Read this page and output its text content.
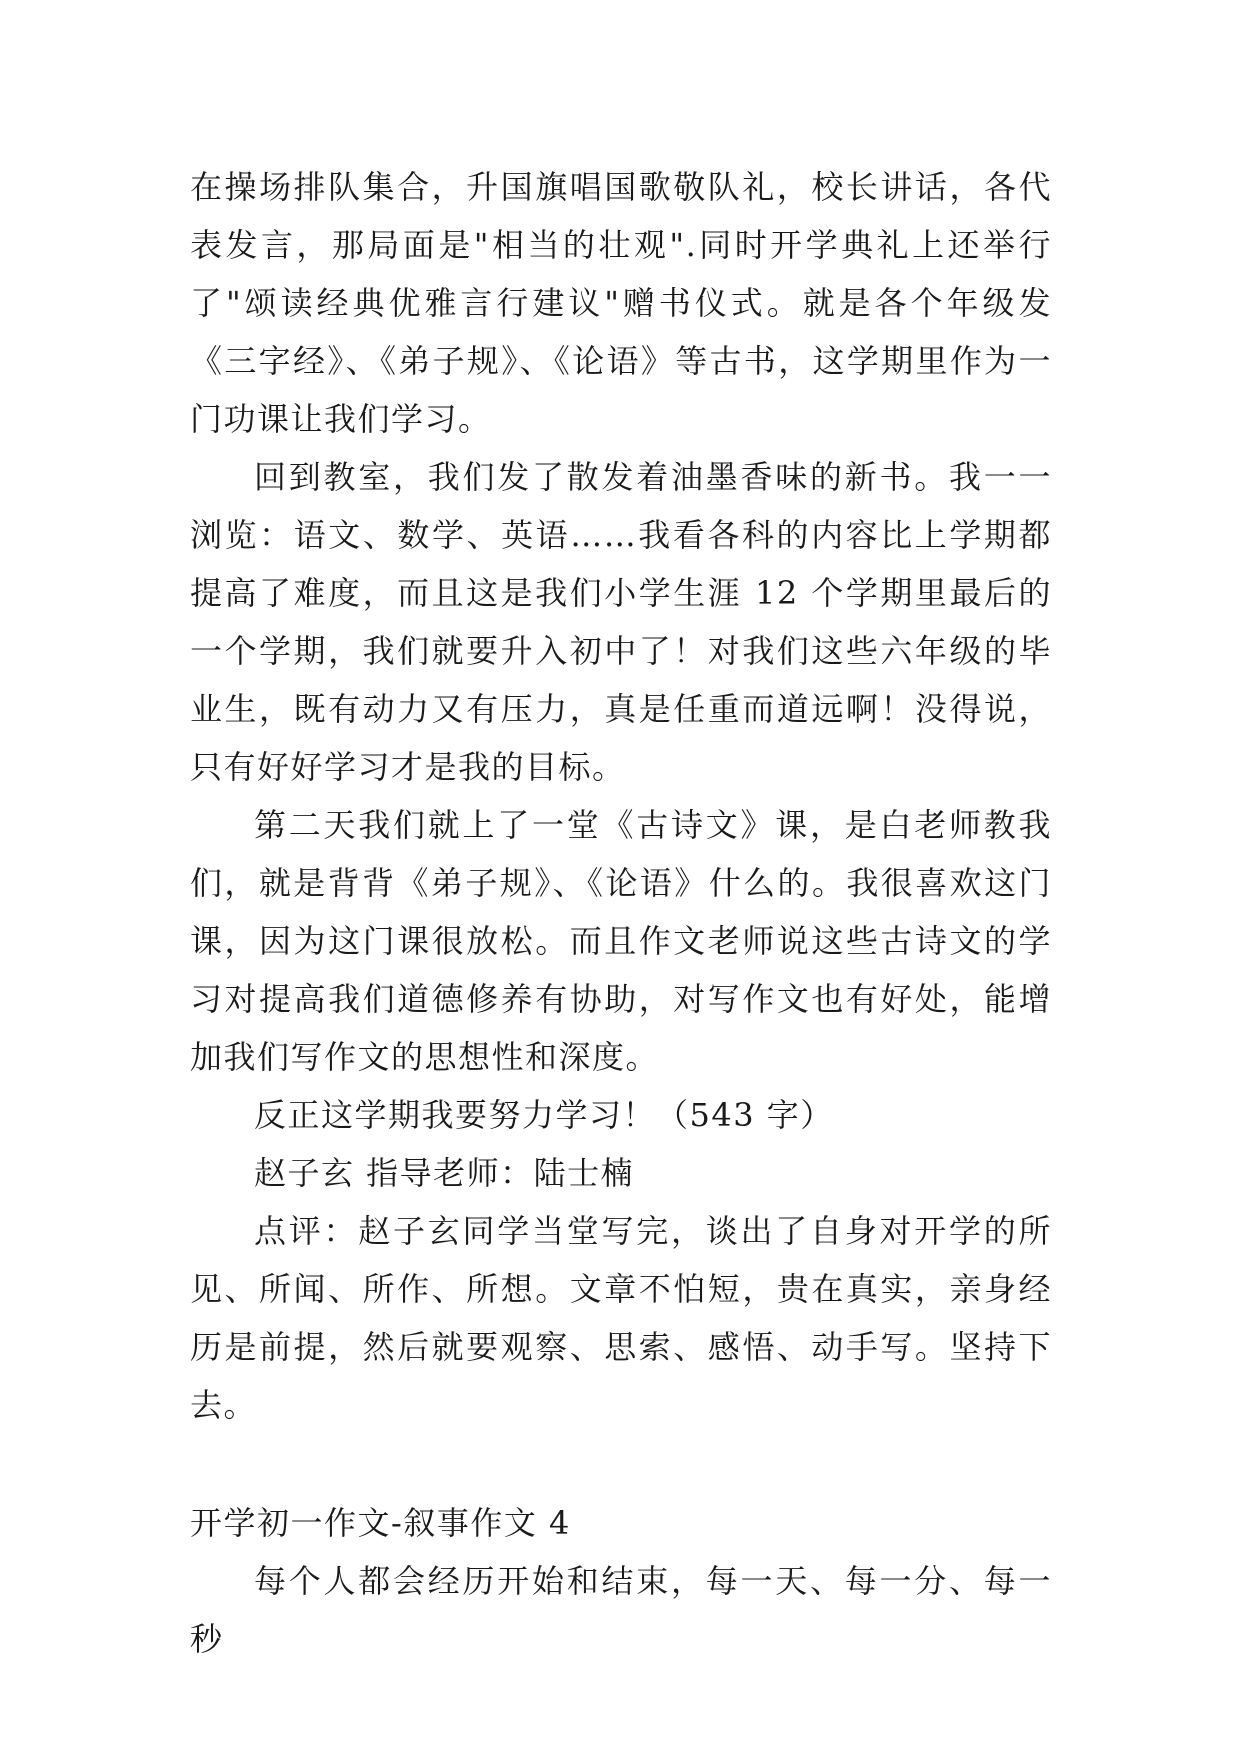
在操场排队集合，升国旗唱国歌敬队礼，校长讲话，各代表发言，那局面是"相当的壮观".同时开学典礼上还举行了"颂读经典优雅言行建议"赠书仪式。就是各个年级发《三字经》、《弟子规》、《论语》等古书，这学期里作为一门功课让我们学习。

回到教室，我们发了散发着油墨香味的新书。我一一浏览：语文、数学、英语……我看各科的内容比上学期都提高了难度，而且这是我们小学生涯 12 个学期里最后的一个学期，我们就要升入初中了！对我们这些六年级的毕业生，既有动力又有压力，真是任重而道远啊！没得说，只有好好学习才是我的目标。

第二天我们就上了一堂《古诗文》课，是白老师教我们，就是背背《弟子规》、《论语》什么的。我很喜欢这门课，因为这门课很放松。而且作文老师说这些古诗文的学习对提高我们道德修养有协助，对写作文也有好处，能增加我们写作文的思想性和深度。

反正这学期我要努力学习！（543 字）

赵子玄 指导老师：陆士楠

点评：赵子玄同学当堂写完，谈出了自身对开学的所见、所闻、所作、所想。文章不怕短，贵在真实，亲身经历是前提，然后就要观察、思索、感悟、动手写。坚持下去。

开学初一作文-叙事作文 4

每个人都会经历开始和结束，每一天、每一分、每一秒
